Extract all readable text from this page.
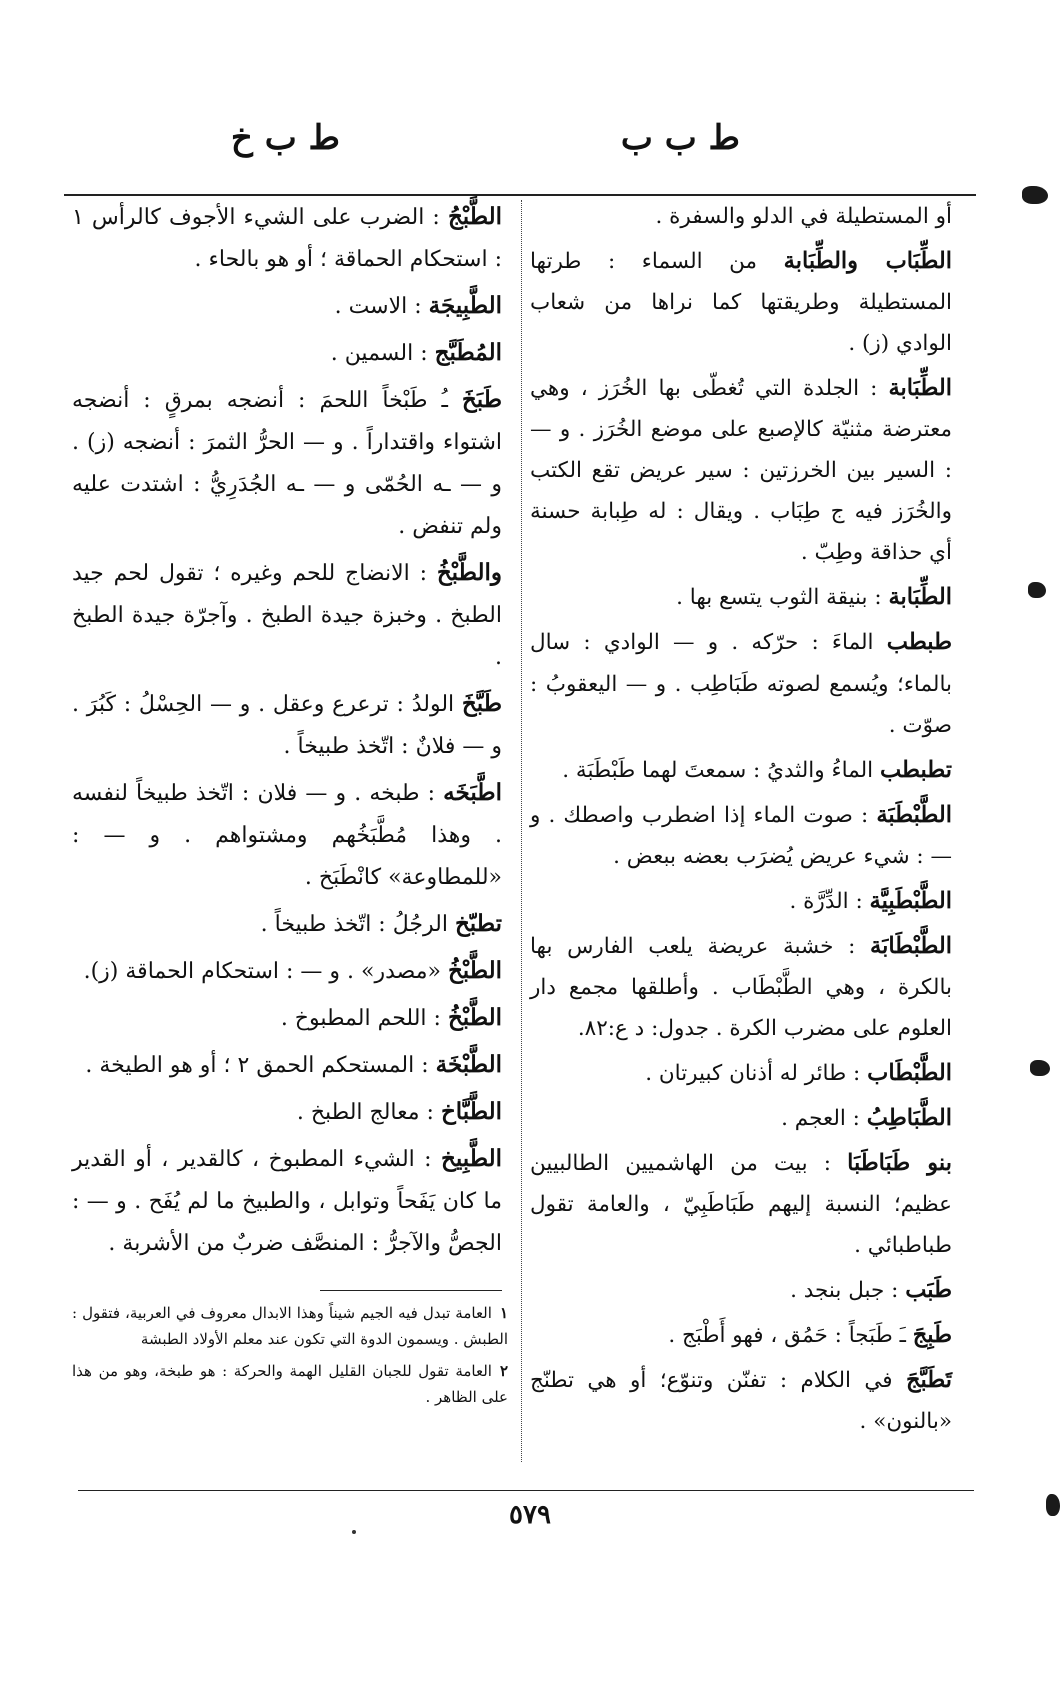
ط ب ب
ط ب خ

أو المستطيلة في الدلو والسفرة .

الطِّبَاب والطِّبَابة من السماء : طرتها المستطيلة وطريقتها كما نراها من شعاب الوادي (ز) .

الطِّبَابة : الجلدة التي تُغطّى بها الخُرَز ، وهي معترضة مثنيّة كالإصبع على موضع الخُرَز . و — : السير بين الخرزتين : سير عريض تقع الكتب والخُرَز فيه ج طِبَاب . ويقال : له طِبابة حسنة أي حذاقة وطِبّ .

الطِّبَابة : بنيقة الثوب يتسع بها .

طبطب الماءَ : حرّكه . و — الوادي : سال بالماء؛ ويُسمع لصوته طَبَاطِب . و — اليعقوبُ : صوّت .

تطبطب الماءُ والثديُ : سمعتَ لهما طَبْطَبَة .

الطَّبْطَبَة : صوت الماء إذا اضطرب واصطك . و — : شيء عريض يُضرَب بعضه ببعض .

الطَّبْطَبِيَّة : الدِّرَّة .

الطَّبْطَابَة : خشبة عريضة يلعب الفارس بها بالكرة ، وهي الطَّبْطَاب . وأطلقها مجمع دار العلوم على مضرب الكرة . جدول: د ع:٨٢.

الطَّبْطَاب : طائر له أذنان كبيرتان .

الطَّبَاطِبُ : العجم .

بنو طَبَاطَبَا : بيت من الهاشميين الطالبيين عظيم؛ النسبة إليهم طَبَاطَبِيّ ، والعامة تقول طباطبائي .

طَبَب : جبل بنجد .

طَبِجَ ـَ طَبَجاً : حَمُق ، فهو أَطْبَج .

تَطَبَّجَ في الكلام : تفنّن وتنوّع؛ أو هي تطنّج «بالنون» .

الطَّبْجُ : الضرب على الشيء الأجوف كالرأس ١ : استحكام الحماقة ؛ أو هو بالحاء .

الطَّبِيجَة : الاست .

المُطَبَّج : السمين .

طَبَخَ ـُ طَبْخاً اللحمَ : أنضجه بمرقٍ : أنضجه اشتواء واقتداراً . و — الحرُّ الثمرَ : أنضجه (ز) . و — ـه الحُمّى و — ـه الجُدَرِيُّ : اشتدت عليه ولم تنفض .

والطَّبْخُ : الانضاج للحم وغيره ؛ تقول لحم جيد الطبخ . وخبزة جيدة الطبخ . وآجرّة جيدة الطبخ .

طَبَّخَ الولدُ : ترعرع وعقل . و — الحِسْلُ : كَبُرَ . و — فلانٌ : اتّخذ طبيخاً .

اطَّبَخَه : طبخه . و — فلان : اتّخذ طبيخاً لنفسه . وهذا مُطَّبَخُهم ومشتواهم . و — : «للمطاوعة» كانْطَبَخ .

تطبّخ الرجُلُ : اتّخذ طبيخاً .

الطَّبْخُ «مصدر» . و — : استحكام الحماقة (ز).

الطَّبْخُ : اللحم المطبوخ .

الطَّبْخَة : المستحكم الحمق ٢ ؛ أو هو الطيخة .

الطَّبَّاخ : معالج الطبخ .

الطَّبِيخ : الشيء المطبوخ ، كالقدير ، أو القدير ما كان يَفَحاً وتوابل ، والطبيخ ما لم يُفَح . و — : الجصُّ والآجرُّ : المنصَّف ضربٌ من الأشربة .

١العامة تبدل فيه الجيم شيناً وهذا الابدال معروف في العربية، فتقول : الطبش . ويسمون الدوة التي تكون عند معلم الأولاد الطبشة

٢العامة تقول للجبان القليل الهمة والحركة : هو طبخة، وهو من هذا على الظاهر .

٥٧٩
